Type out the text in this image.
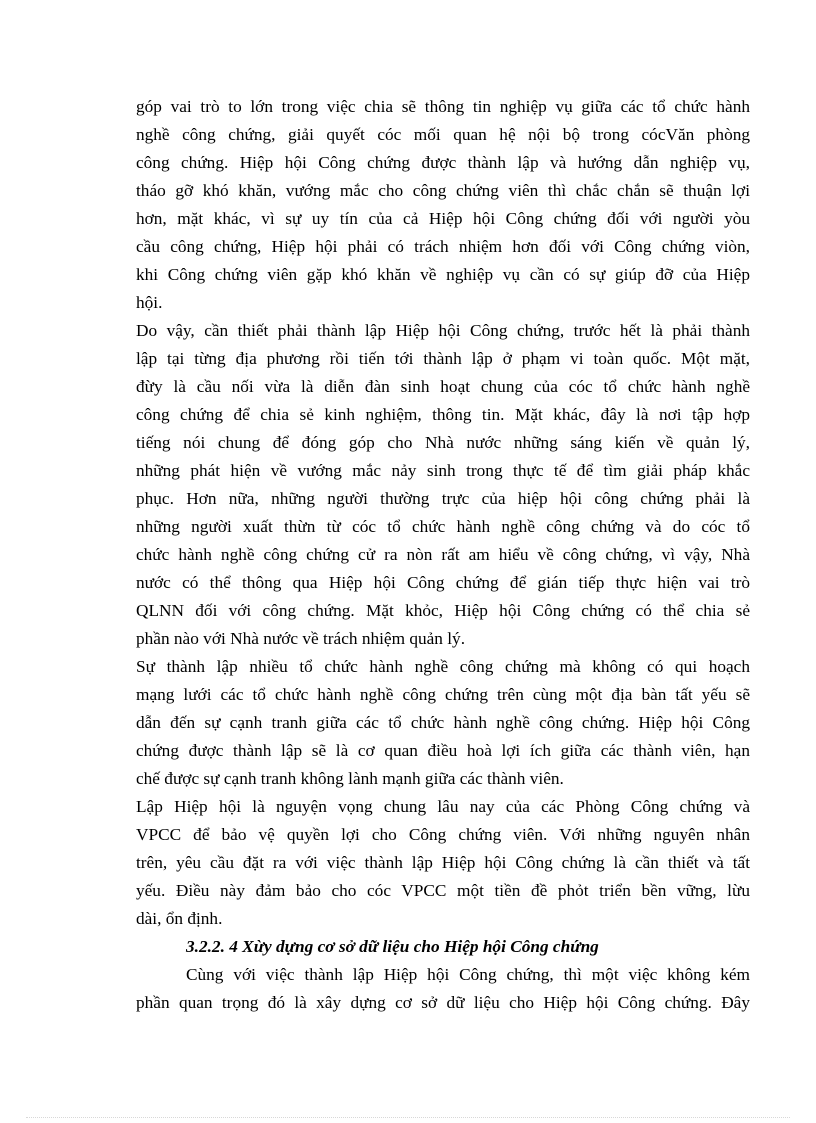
góp vai trò to lớn trong việc chia sẽ thông tin nghiệp vụ giữa các tổ chức hành
nghề công chứng, giải quyết cóc mối quan hệ nội bộ trong cócVăn phòng
công chứng. Hiệp hội Công chứng được thành lập và hướng dẫn nghiệp vụ,
tháo gỡ khó khăn, vướng mắc cho công chứng viên thì chắc chắn sẽ thuận lợi
hơn, mặt khác, vì sự uy tín của cả Hiệp hội Công chứng đối với người yòu
cầu công chứng, Hiệp hội phải có trách nhiệm hơn đối với Công chứng viòn,
khi Công chứng viên gặp khó khăn về nghiệp vụ cần có sự giúp đỡ của Hiệp
hội.
Do vậy, cần thiết phải thành lập Hiệp hội Công chứng, trước hết là phải thành
lập tại từng địa phương rồi tiến tới thành lập ở phạm vi toàn quốc. Một mặt,
đừy là cầu nối vừa là diễn đàn sinh hoạt chung của cóc tổ chức hành nghề
công chứng để chia sẻ kinh nghiệm, thông tin. Mặt khác, đây là nơi tập hợp
tiếng nói chung để đóng góp cho Nhà nước những sáng kiến về quản lý,
những phát hiện về vướng mắc nảy sinh trong thực tế để tìm giải pháp khắc
phục. Hơn nữa, những người thường trực của hiệp hội công chứng phải là
những người xuất thừn từ cóc tổ chức hành nghề công chứng và do cóc tổ
chức hành nghề công chứng cử ra nòn rất am hiểu về công chứng, vì vậy, Nhà
nước có thể thông qua Hiệp hội Công chứng để gián tiếp thực hiện vai trò
QLNN đối với công chứng. Mặt khỏc, Hiệp hội Công chứng có thể chia sẻ
phần nào với Nhà nước về trách nhiệm quản lý.
Sự thành lập nhiều tổ chức hành nghề công chứng mà không có qui hoạch
mạng lưới các tổ chức hành nghề công chứng trên cùng một địa bàn tất yếu sẽ
dẫn đến sự cạnh tranh giữa các tổ chức hành nghề công chứng. Hiệp hội Công
chứng được thành lập sẽ là cơ quan điều hoà lợi ích giữa các thành viên, hạn
chế được sự cạnh tranh không lành mạnh giữa các thành viên.
Lập Hiệp hội là nguyện vọng chung lâu nay của các Phòng Công chứng và
VPCC để bảo vệ quyền lợi cho Công chứng viên. Với những nguyên nhân
trên, yêu cầu đặt ra với việc thành lập Hiệp hội Công chứng là cần thiết và tất
yếu. Điều này đảm bảo cho cóc VPCC một tiền đề phỏt triển bền vững, lừu
dài, ổn định.
3.2.2. 4 Xừy dựng cơ sở dữ liệu cho Hiệp hội Công chứng
Cùng với việc thành lập Hiệp hội Công chứng, thì một việc không kém
phần quan trọng đó là xây dựng cơ sở dữ liệu cho Hiệp hội Công chứng. Đây
